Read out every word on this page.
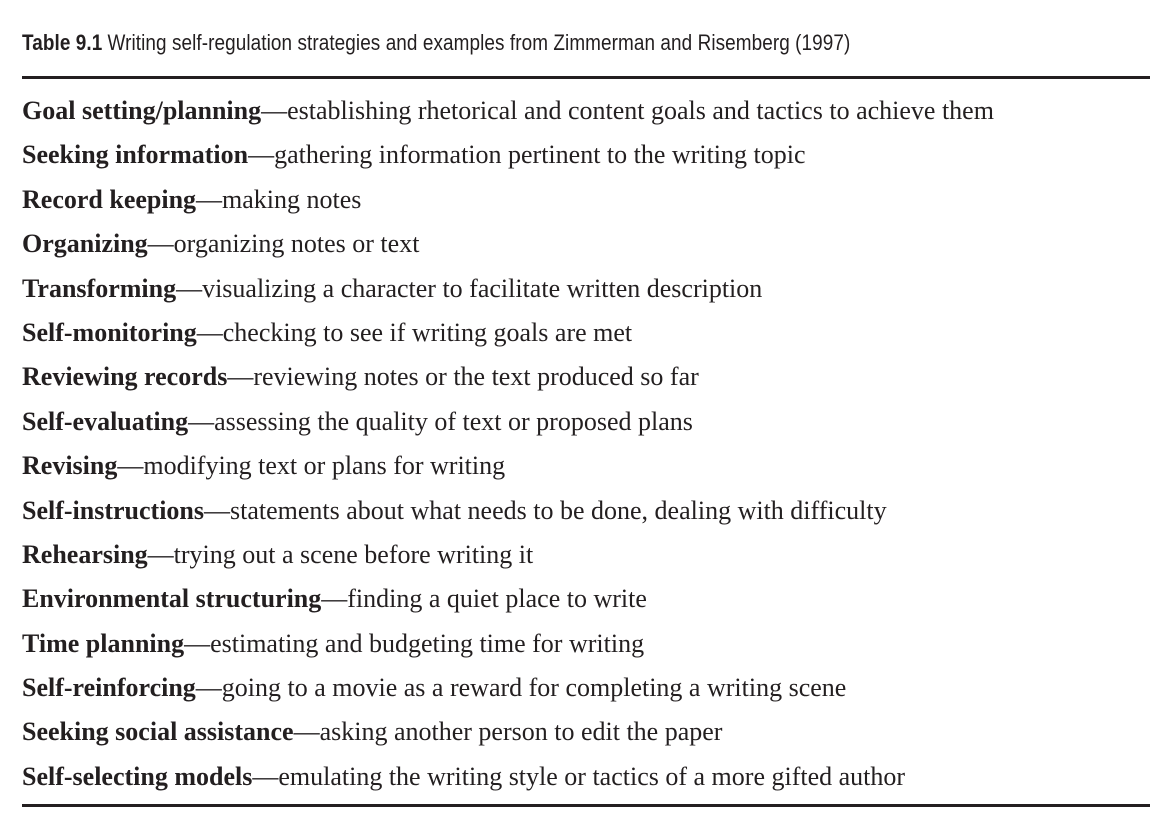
Table 9.1 Writing self-regulation strategies and examples from Zimmerman and Risemberg (1997)
Goal setting/planning—establishing rhetorical and content goals and tactics to achieve them
Seeking information—gathering information pertinent to the writing topic
Record keeping—making notes
Organizing—organizing notes or text
Transforming—visualizing a character to facilitate written description
Self-monitoring—checking to see if writing goals are met
Reviewing records—reviewing notes or the text produced so far
Self-evaluating—assessing the quality of text or proposed plans
Revising—modifying text or plans for writing
Self-instructions—statements about what needs to be done, dealing with difficulty
Rehearsing—trying out a scene before writing it
Environmental structuring—finding a quiet place to write
Time planning—estimating and budgeting time for writing
Self-reinforcing—going to a movie as a reward for completing a writing scene
Seeking social assistance—asking another person to edit the paper
Self-selecting models—emulating the writing style or tactics of a more gifted author
